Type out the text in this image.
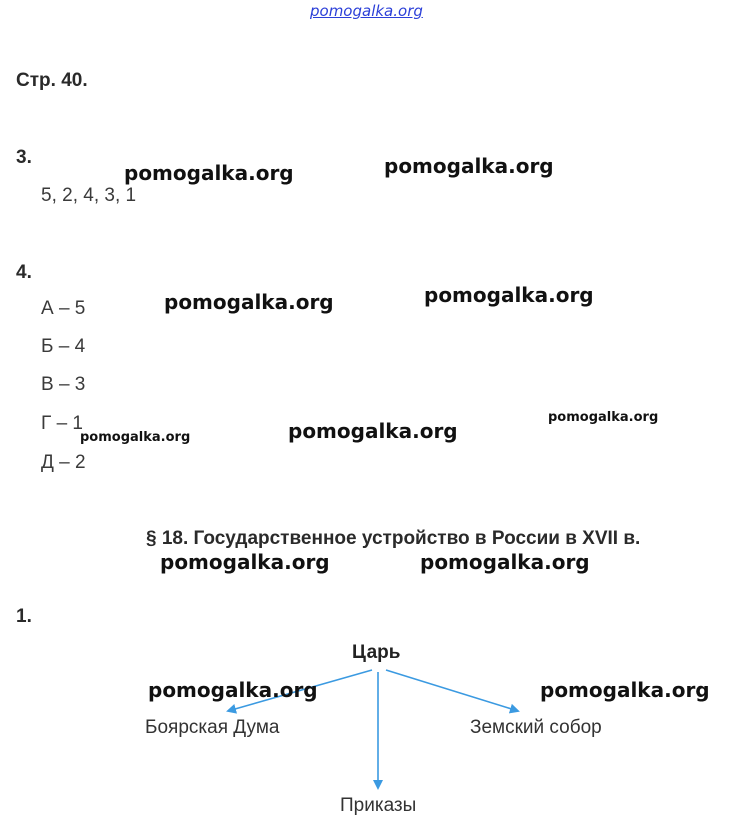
pomogalka.org
Стр. 40.
3.
5, 2, 4, 3, 1
4.
А – 5
Б – 4
В – 3
Г – 1
Д – 2
§ 18. Государственное устройство в России в XVII в.
1.
Царь
Боярская Дума	Земский собор
Приказы
pomogalka.org	pomogalka.org
pomogalka.org	pomogalka.org
pomogalka.org	pomogalka.org
pomogalka.org
pomogalka.org	pomogalka.org
pomogalka.org	pomogalka.org
